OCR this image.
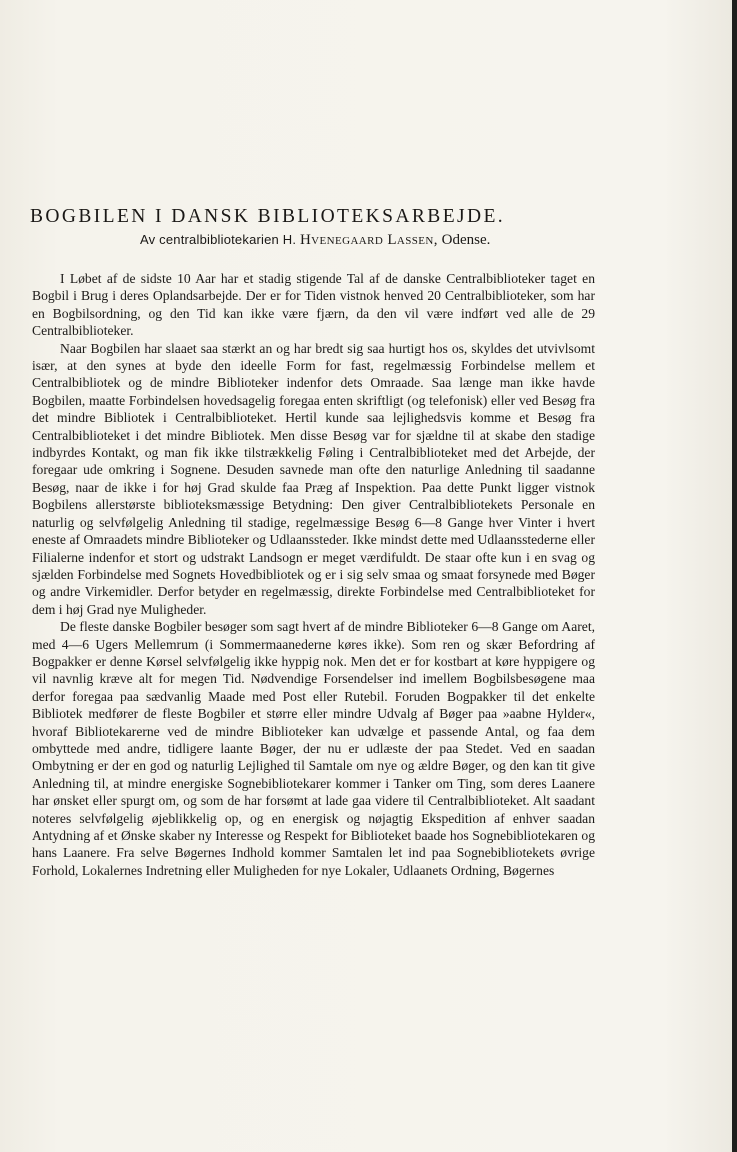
BOGBILEN I DANSK BIBLIOTEKSARBEJDE.
Av centralbibliotekarien H. Hvenegaard Lassen, Odense.

I Løbet af de sidste 10 Aar har et stadig stigende Tal af de danske Centralbiblioteker taget en Bogbil i Brug i deres Oplandsarbejde. Der er for Tiden vistnok henved 20 Centralbiblioteker, som har en Bogbilsordning, og den Tid kan ikke være fjærn, da den vil være indført ved alle de 29 Centralbiblioteker.

Naar Bogbilen har slaaet saa stærkt an og har bredt sig saa hurtigt hos os, skyldes det utvivlsomt især, at den synes at byde den ideelle Form for fast, regelmæssig Forbindelse mellem et Centralbibliotek og de mindre Biblioteker indenfor dets Omraade. Saa længe man ikke havde Bogbilen, maatte Forbindelsen hovedsagelig foregaa enten skriftligt (og telefonisk) eller ved Besøg fra det mindre Bibliotek i Centralbiblioteket. Hertil kunde saa lejlighedsvis komme et Besøg fra Centralbiblioteket i det mindre Bibliotek. Men disse Besøg var for sjældne til at skabe den stadige indbyrdes Kontakt, og man fik ikke tilstrækkelig Føling i Centralbiblioteket med det Arbejde, der foregaar ude omkring i Sognene. Desuden savnede man ofte den naturlige Anledning til saadanne Besøg, naar de ikke i for høj Grad skulde faa Præg af Inspektion. Paa dette Punkt ligger vistnok Bogbilens allerstørste biblioteksmæssige Betydning: Den giver Centralbibliotekets Personale en naturlig og selvfølgelig Anledning til stadige, regelmæssige Besøg 6—8 Gange hver Vinter i hvert eneste af Omraadets mindre Biblioteker og Udlaanssteder. Ikke mindst dette med Udlaansstederne eller Filialerne indenfor et stort og udstrakt Landsogn er meget værdifuldt. De staar ofte kun i en svag og sjælden Forbindelse med Sognets Hovedbibliotek og er i sig selv smaa og smaat forsynede med Bøger og andre Virkemidler. Derfor betyder en regelmæssig, direkte Forbindelse med Centralbiblioteket for dem i høj Grad nye Muligheder.

De fleste danske Bogbiler besøger som sagt hvert af de mindre Biblioteker 6—8 Gange om Aaret, med 4—6 Ugers Mellemrum (i Sommermaanederne køres ikke). Som ren og skær Befordring af Bogpakker er denne Kørsel selvfølgelig ikke hyppig nok. Men det er for kostbart at køre hyppigere og vil navnlig kræve alt for megen Tid. Nødvendige Forsendelser ind imellem Bogbilsbesøgene maa derfor foregaa paa sædvanlig Maade med Post eller Rutebil. Foruden Bogpakker til det enkelte Bibliotek medfører de fleste Bogbiler et større eller mindre Udvalg af Bøger paa »aabne Hylder«, hvoraf Bibliotekarerne ved de mindre Biblioteker kan udvælge et passende Antal, og faa dem ombyttede med andre, tidligere laante Bøger, der nu er udlæste der paa Stedet. Ved en saadan Ombytning er der en god og naturlig Lejlighed til Samtale om nye og ældre Bøger, og den kan tit give Anledning til, at mindre energiske Sognebibliotekarer kommer i Tanker om Ting, som deres Laanere har ønsket eller spurgt om, og som de har forsømt at lade gaa videre til Centralbiblioteket. Alt saadant noteres selvfølgelig øjeblikkelig op, og en energisk og nøjagtig Ekspedition af enhver saadan Antydning af et Ønske skaber ny Interesse og Respekt for Biblioteket baade hos Sognebibliotekaren og hans Laanere. Fra selve Bøgernes Indhold kommer Samtalen let ind paa Sognebibliotekets øvrige Forhold, Lokalernes Indretning eller Muligheden for nye Lokaler, Udlaanets Ordning, Bøgernes
